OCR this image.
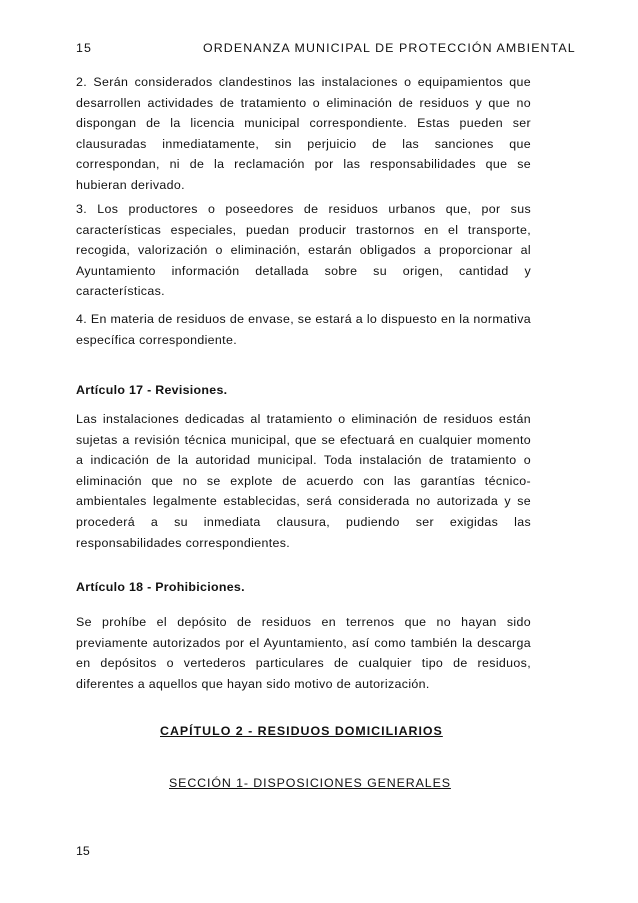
15	ORDENANZA MUNICIPAL DE PROTECCIÓN AMBIENTAL

2. Serán considerados clandestinos las instalaciones o equipamientos que desarrollen actividades de tratamiento o eliminación de residuos y que no dispongan de la licencia municipal correspondiente. Estas pueden ser clausuradas inmediatamente, sin perjuicio de las sanciones que correspondan, ni de la reclamación por las responsabilidades que se hubieran derivado.

3. Los productores o poseedores de residuos urbanos que, por sus características especiales, puedan producir trastornos en el transporte, recogida, valorización o eliminación, estarán obligados a proporcionar al Ayuntamiento información detallada sobre su origen, cantidad y características.

4. En materia de residuos de envase, se estará a lo dispuesto en la normativa específica correspondiente.

Artículo 17 - Revisiones.

Las instalaciones dedicadas al tratamiento o eliminación de residuos están sujetas a revisión técnica municipal, que se efectuará en cualquier momento a indicación de la autoridad municipal. Toda instalación de tratamiento o eliminación que no se explote de acuerdo con las garantías técnico-ambientales legalmente establecidas, será considerada no autorizada y se procederá a su inmediata clausura, pudiendo ser exigidas las responsabilidades correspondientes.

Artículo 18 - Prohibiciones.

Se prohíbe el depósito de residuos en terrenos que no hayan sido previamente autorizados por el Ayuntamiento, así como también la descarga en depósitos o vertederos particulares de cualquier tipo de residuos, diferentes a aquellos que hayan sido motivo de autorización.

CAPÍTULO 2 - RESIDUOS DOMICILIARIOS
SECCIÓN 1- DISPOSICIONES GENERALES
15
